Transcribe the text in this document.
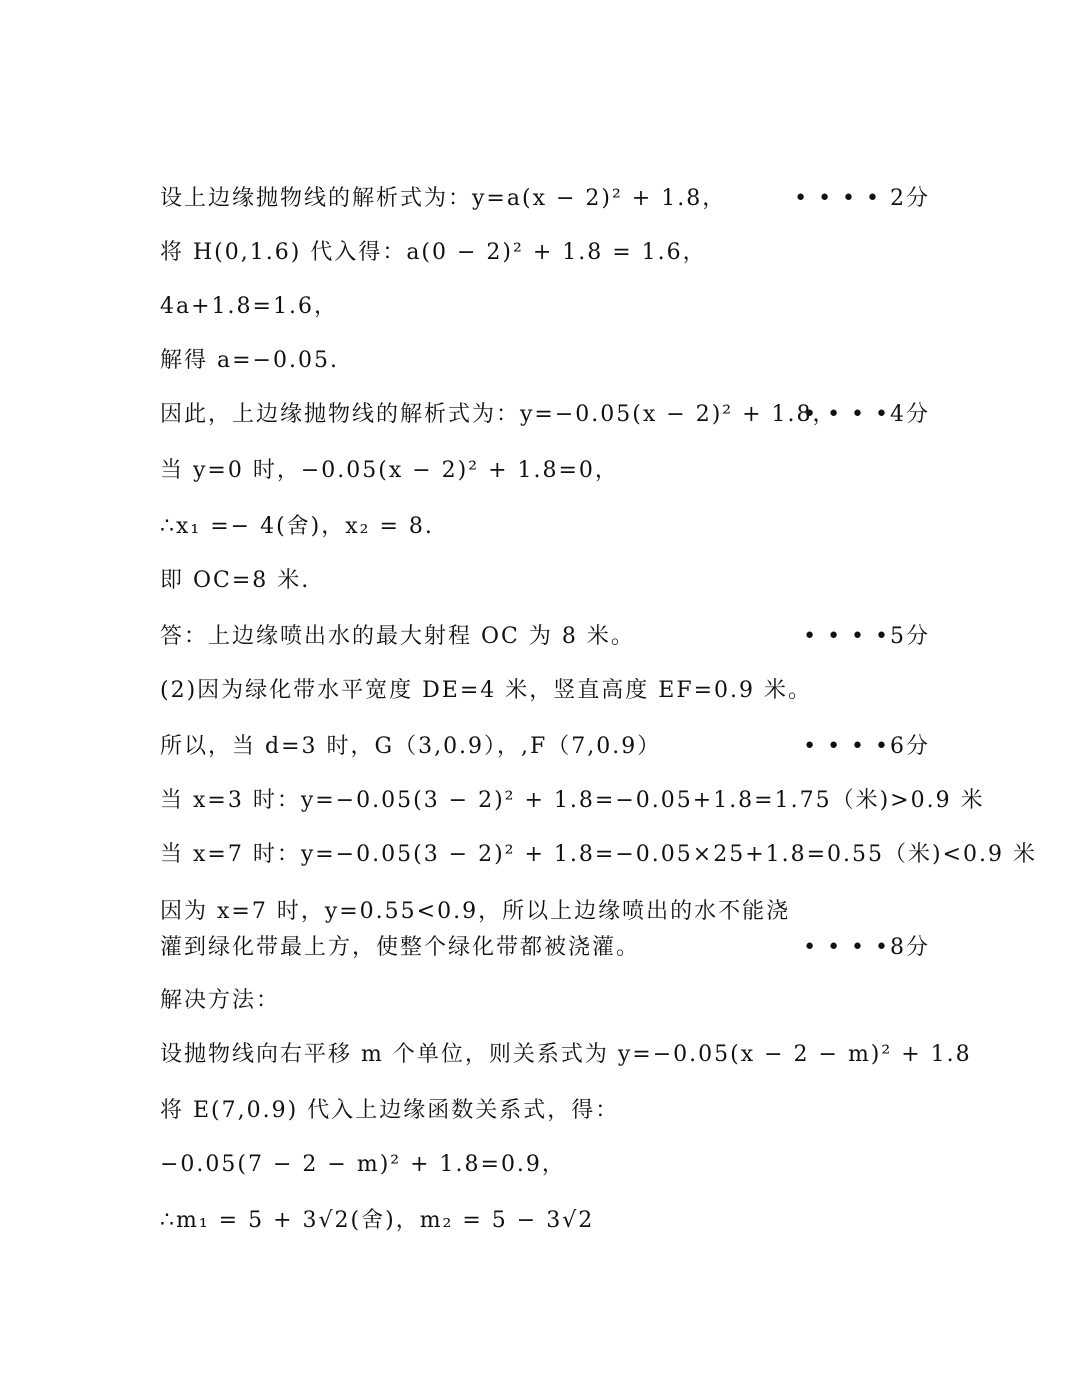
设上边缘抛物线的解析式为：y=a(x − 2)² + 1.8，	• • • • 2分
将 H(0,1.6) 代入得：a(0 − 2)² + 1.8 = 1.6，
4a+1.8=1.6，
解得 a=−0.05.
因此，上边缘抛物线的解析式为：y=−0.05(x − 2)² + 1.8，
• • • •4分
当 y=0 时，−0.05(x − 2)² + 1.8=0，
∴x₁ =− 4(舍)，x₂ = 8.
即 OC=8 米.
答：上边缘喷出水的最大射程 OC 为 8 米。	• • • •5分
(2)因为绿化带水平宽度 DE=4 米，竖直高度 EF=0.9 米。
所以，当 d=3 时，G（3,0.9），,F（7,0.9）	• • • •6分
当 x=3 时：y=−0.05(3 − 2)² + 1.8=−0.05+1.8=1.75（米)>0.9 米
当 x=7 时：y=−0.05(3 − 2)² + 1.8=−0.05×25+1.8=0.55（米)<0.9 米
• • • •8分
因为 x=7 时，y=0.55<0.9，所以上边缘喷出的水不能浇灌到绿化带最上方，使整个绿化带都被浇灌。
解决方法：
设抛物线向右平移 m 个单位，则关系式为 y=−0.05(x − 2 − m)² + 1.8
将 E(7,0.9) 代入上边缘函数关系式，得：
−0.05(7 − 2 − m)² + 1.8=0.9，
∴m₁ = 5 + 3√2(舍)，m₂ = 5 − 3√2
